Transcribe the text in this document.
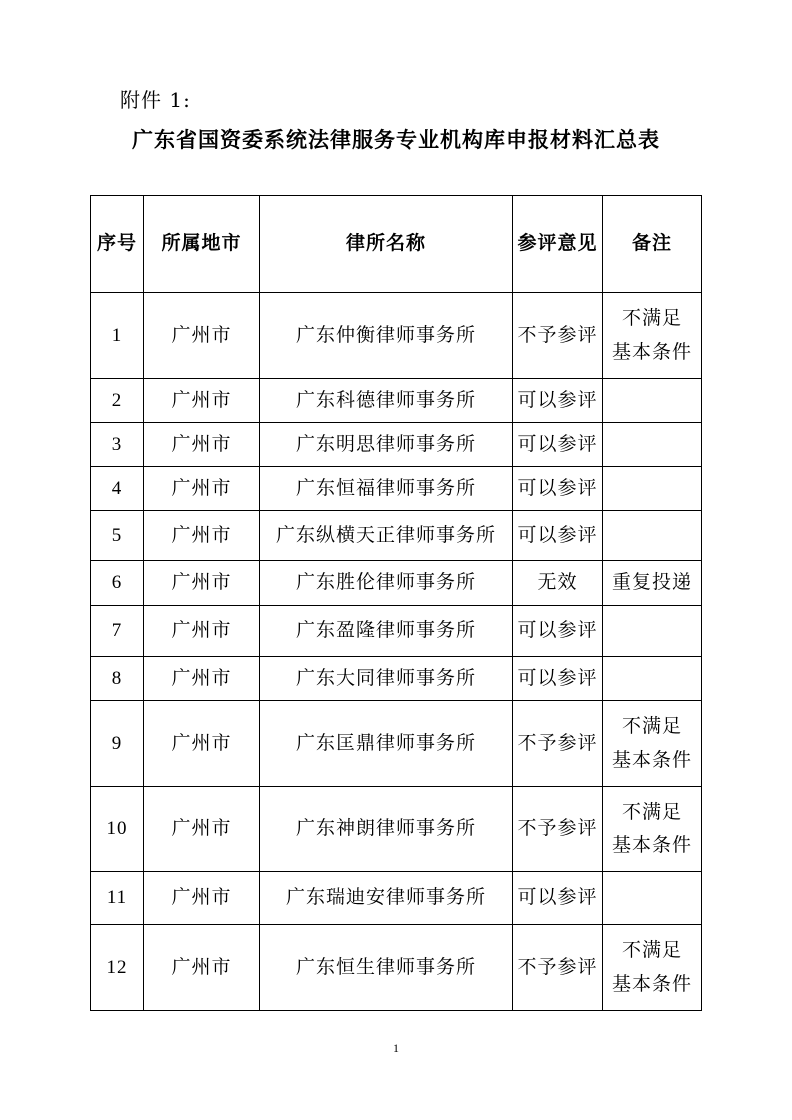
附件 1:
广东省国资委系统法律服务专业机构库申报材料汇总表
序号	所属地市	律所名称	参评意见	备注
1	广州市	广东仲衡律师事务所	不予参评	不满足
基本条件
2	广州市	广东科德律师事务所	可以参评	
3	广州市	广东明思律师事务所	可以参评	
4	广州市	广东恒福律师事务所	可以参评	
5	广州市	广东纵横天正律师事务所	可以参评	
6	广州市	广东胜伦律师事务所	无效	重复投递
7	广州市	广东盈隆律师事务所	可以参评	
8	广州市	广东大同律师事务所	可以参评	
9	广州市	广东匡鼎律师事务所	不予参评	不满足
基本条件
10	广州市	广东神朗律师事务所	不予参评	不满足
基本条件
11	广州市	广东瑞迪安律师事务所	可以参评	
12	广州市	广东恒生律师事务所	不予参评	不满足
基本条件
1
